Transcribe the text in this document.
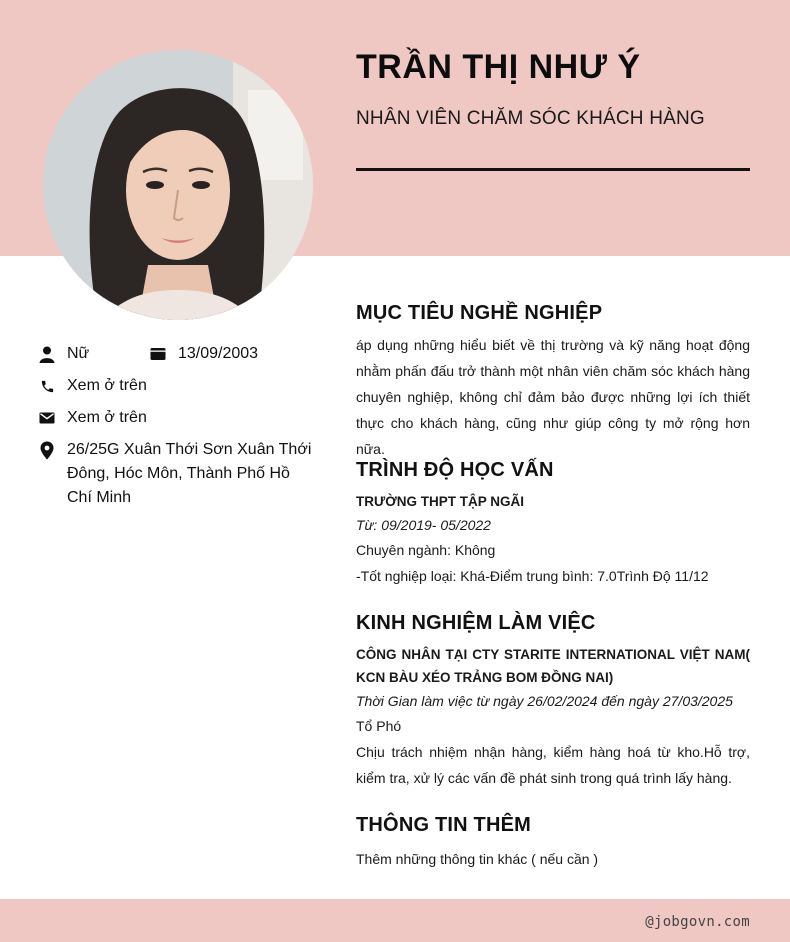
TRẦN THỊ NHƯ Ý
NHÂN VIÊN CHĂM SÓC KHÁCH HÀNG
Nữ	13/09/2003
Xem ở trên
Xem ở trên
26/25G Xuân Thới Sơn Xuân Thới Đông, Hóc Môn, Thành Phố Hồ Chí Minh
MỤC TIÊU NGHỀ NGHIỆP
áp dụng những hiểu biết về thị trường và kỹ năng hoạt động nhằm phấn đấu trở thành một nhân viên chăm sóc khách hàng chuyên nghiệp, không chỉ đảm bảo được những lợi ích thiết thực cho khách hàng, cũng như giúp công ty mở rộng hơn nữa.
TRÌNH ĐỘ HỌC VẤN
TRƯỜNG THPT TẬP NGÃI
Từ: 09/2019- 05/2022
Chuyên ngành: Không
-Tốt nghiệp loại: Khá-Điểm trung bình: 7.0Trình Độ 11/12
KINH NGHIỆM LÀM VIỆC
CÔNG NHÂN TẠI CTY STARITE INTERNATIONAL VIỆT NAM(
KCN BÀU XÉO TRẢNG BOM ĐỒNG NAI)
Thời Gian làm việc từ ngày 26/02/2024 đến ngày 27/03/2025
Tổ Phó
Chịu trách nhiệm nhận hàng, kiểm hàng hoá từ kho.Hỗ trợ, kiểm tra, xử lý các vấn đề phát sinh trong quá trình lấy hàng.
THÔNG TIN THÊM
Thêm những thông tin khác ( nếu cần )
@jobgovn.com
